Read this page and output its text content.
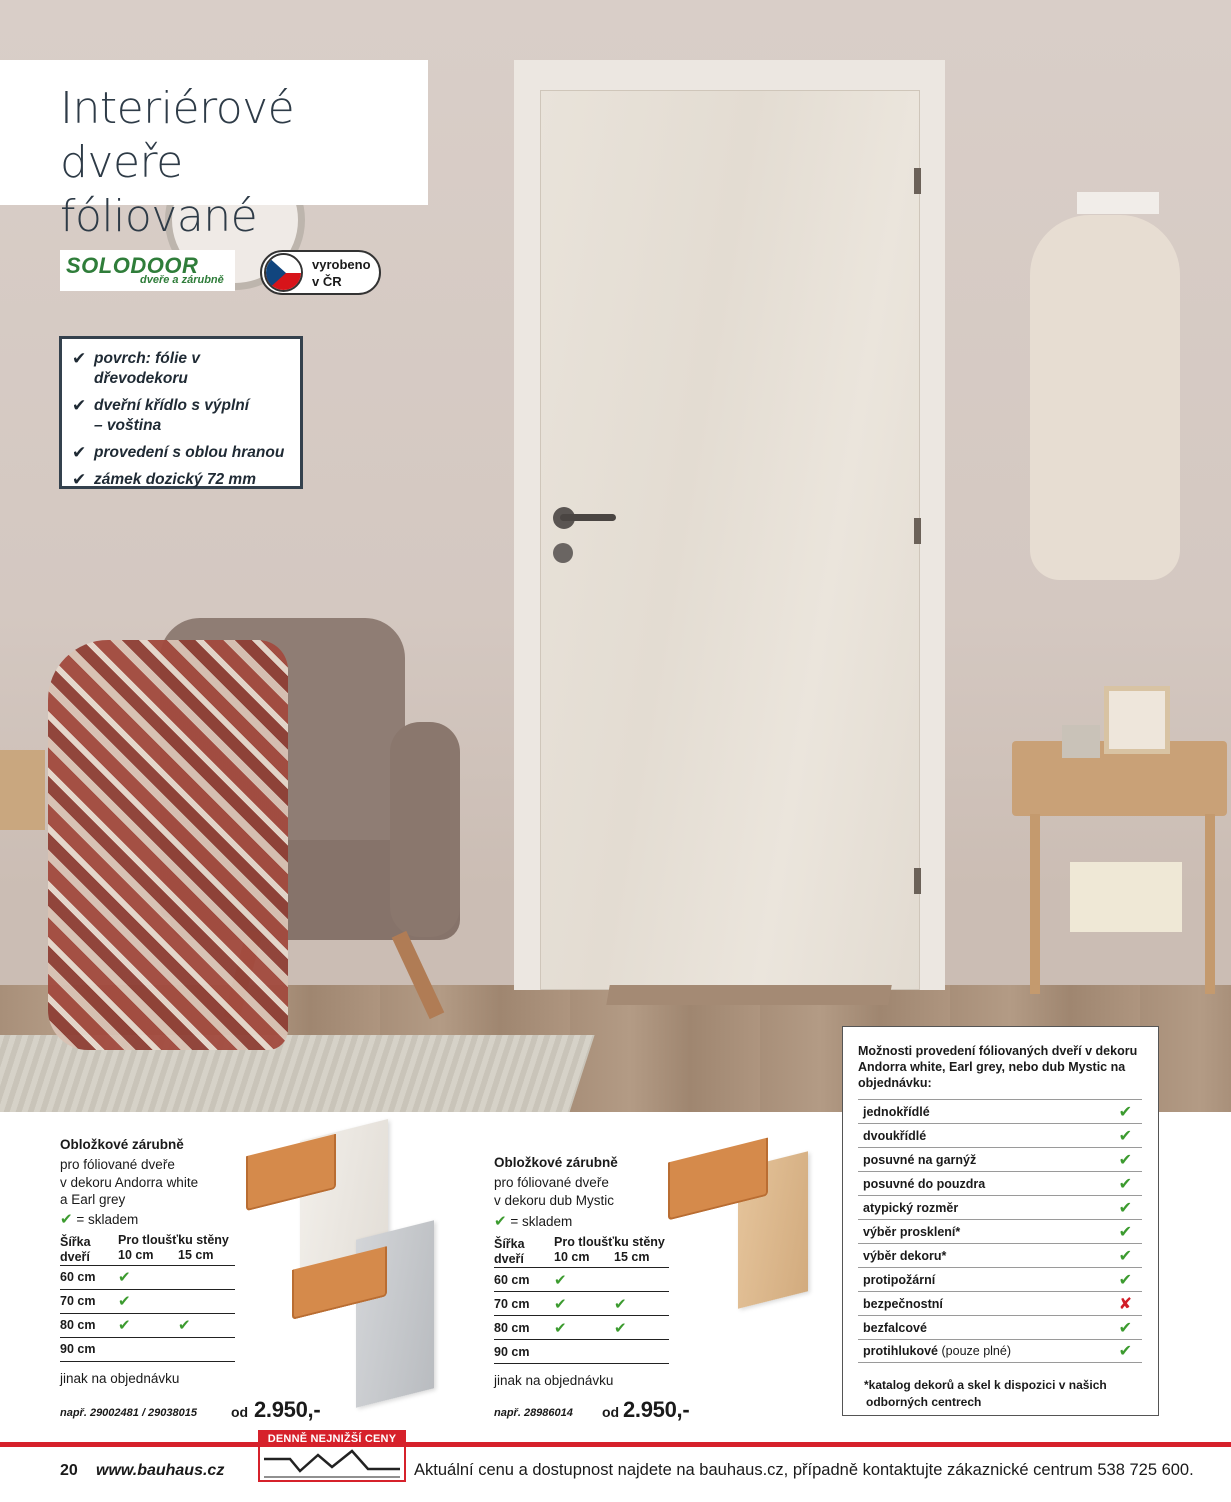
Interiérové dveře
fóliované
SOLODOOR
dveře a zárubně
vyrobeno
v ČR
✔ povrch: fólie v dřevodekoru
✔ dveřní křídlo s výplní
– voština
✔ provedení s oblou hranou
✔ zámek dozický 72 mm
Možnosti provedení fóliovaných dveří v dekoru Andorra white, Earl grey, nebo dub Mystic na objednávku:
jednokřídlé	✔
dvoukřídlé	✔
posuvné na garnýž	✔
posuvné do pouzdra	✔
atypický rozměr	✔
výběr prosklení*	✔
výběr dekoru*	✔
protipožární	✔
bezpečnostní	✘
bezfalcové	✔
protihlukové (pouze plné)	✔
*katalog dekorů a skel k dispozici v našich odborných centrech
Obložkové zárubně
pro fóliované dveře
v dekoru Andorra white
a Earl grey
✔ = skladem
Šířka dveří	Pro tloušťku stěny	
	10 cm	15 cm
60 cm	✔	
70 cm	✔	
80 cm	✔	✔
90 cm		
jinak na objednávku
např. 29002481 / 29038015 od 2.950,-
Obložkové zárubně
pro fóliované dveře
v dekoru dub Mystic
✔ = skladem
Šířka dveří	Pro tloušťku stěny	
	10 cm	15 cm
60 cm	✔	
70 cm	✔	✔
80 cm	✔	✔
90 cm		
jinak na objednávku
např. 28986014 od 2.950,-
20 www.bauhaus.cz
DENNĚ NEJNIŽŠÍ CENY
Aktuální cenu a dostupnost najdete na bauhaus.cz, případně kontaktujte zákaznické centrum 538 725 600.
